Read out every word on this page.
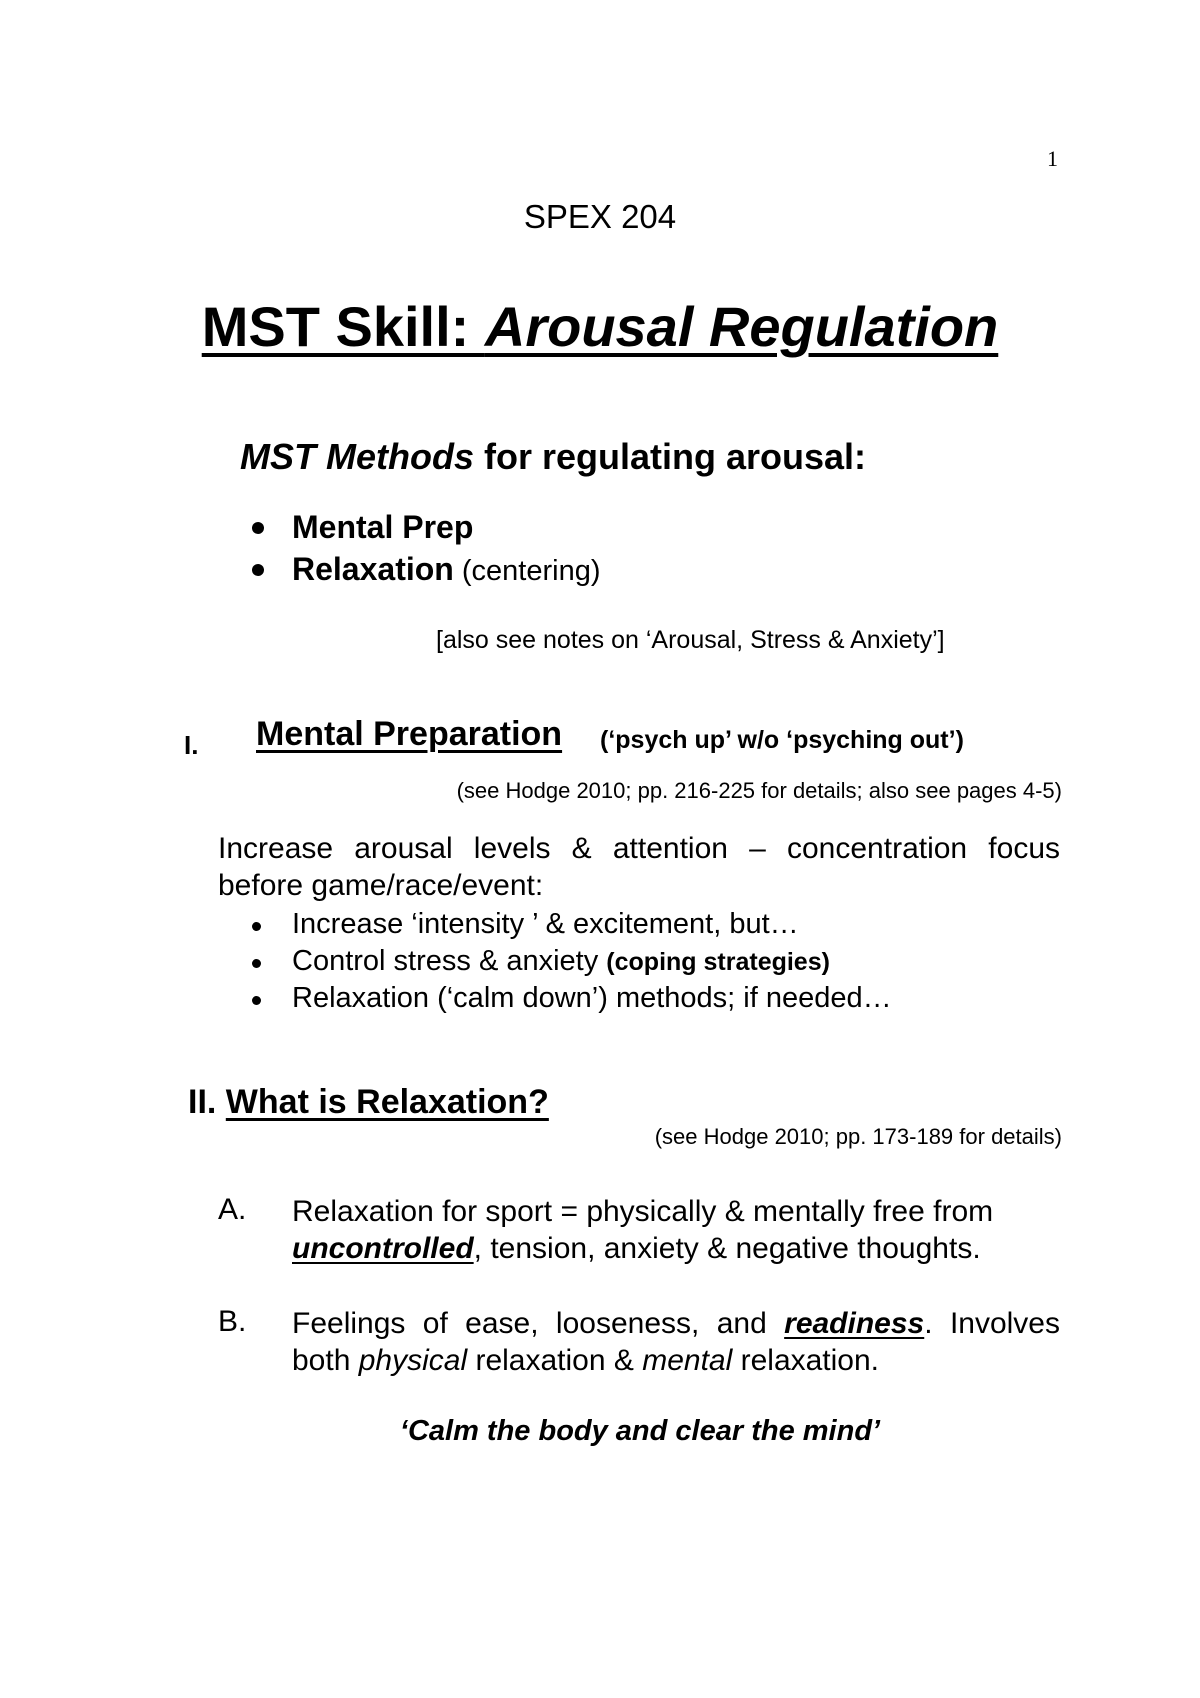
1
SPEX 204
MST Skill: Arousal Regulation
MST Methods for regulating arousal:
Mental Prep
Relaxation (centering)
[also see notes on ‘Arousal, Stress & Anxiety’]
I. Mental Preparation (‘psych up’ w/o ‘psyching out’)
(see Hodge 2010; pp. 216-225 for details; also see pages 4-5)

Increase arousal levels & attention – concentration focus before game/race/event:

Increase ‘intensity ’ & excitement, but…
Control stress & anxiety (coping strategies)
Relaxation (‘calm down’) methods; if needed…
II. What is Relaxation?
(see Hodge 2010; pp. 173-189 for details)
A. Relaxation for sport = physically & mentally free from uncontrolled, tension, anxiety & negative thoughts.

B. Feelings of ease, looseness, and readiness. Involves both physical relaxation & mental relaxation.

‘Calm the body and clear the mind’
